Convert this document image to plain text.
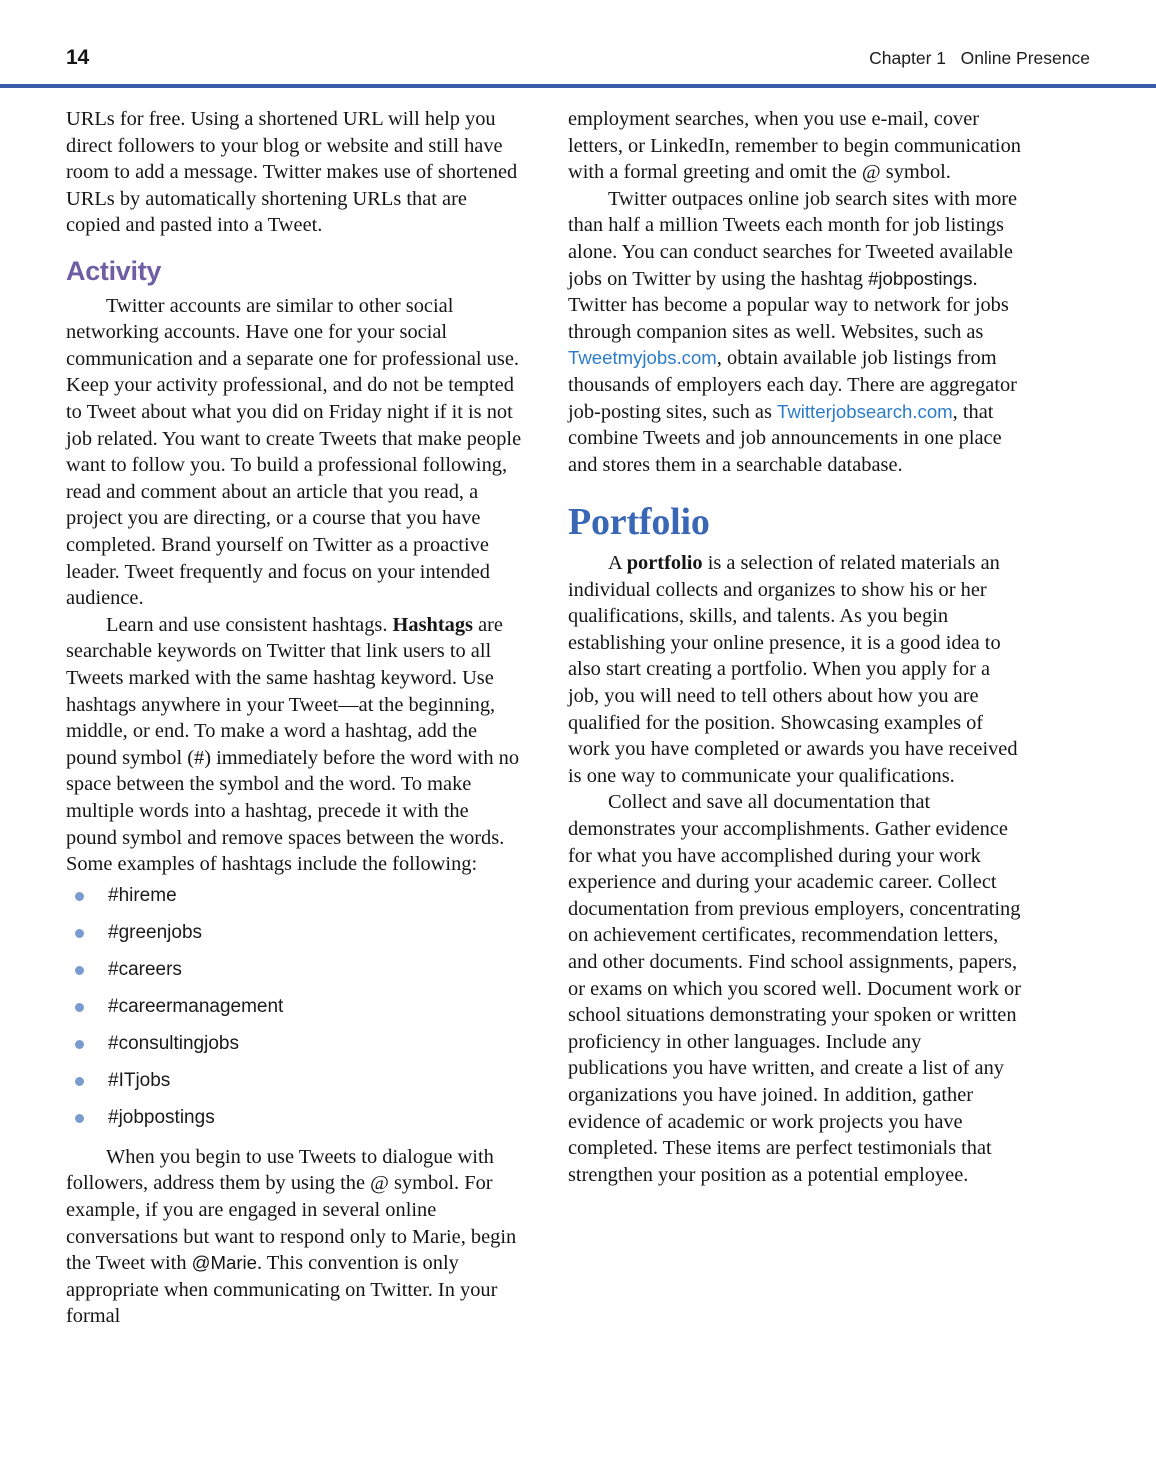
14	Chapter 1   Online Presence

URLs for free. Using a shortened URL will help you direct followers to your blog or website and still have room to add a message. Twitter makes use of shortened URLs by automatically shortening URLs that are copied and pasted into a Tweet.

Activity

Twitter accounts are similar to other social networking accounts. Have one for your social communication and a separate one for professional use. Keep your activity professional, and do not be tempted to Tweet about what you did on Friday night if it is not job related. You want to create Tweets that make people want to follow you. To build a professional following, read and comment about an article that you read, a project you are directing, or a course that you have completed. Brand yourself on Twitter as a proactive leader. Tweet frequently and focus on your intended audience.

Learn and use consistent hashtags. Hashtags are searchable keywords on Twitter that link users to all Tweets marked with the same hashtag keyword. Use hashtags anywhere in your Tweet—at the beginning, middle, or end. To make a word a hashtag, add the pound symbol (#) immediately before the word with no space between the symbol and the word. To make multiple words into a hashtag, precede it with the pound symbol and remove spaces between the words. Some examples of hashtags include the following:

#hireme
#greenjobs
#careers
#careermanagement
#consultingjobs
#ITjobs
#jobpostings

When you begin to use Tweets to dialogue with followers, address them by using the @ symbol. For example, if you are engaged in several online conversations but want to respond only to Marie, begin the Tweet with @Marie. This convention is only appropriate when communicating on Twitter. In your formal

employment searches, when you use e-mail, cover letters, or LinkedIn, remember to begin communication with a formal greeting and omit the @ symbol.

Twitter outpaces online job search sites with more than half a million Tweets each month for job listings alone. You can conduct searches for Tweeted available jobs on Twitter by using the hashtag #jobpostings. Twitter has become a popular way to network for jobs through companion sites as well. Websites, such as Tweetmyjobs.com, obtain available job listings from thousands of employers each day. There are aggregator job-posting sites, such as Twitterjobsearch.com, that combine Tweets and job announcements in one place and stores them in a searchable database.

Portfolio

A portfolio is a selection of related materials an individual collects and organizes to show his or her qualifications, skills, and talents. As you begin establishing your online presence, it is a good idea to also start creating a portfolio. When you apply for a job, you will need to tell others about how you are qualified for the position. Showcasing examples of work you have completed or awards you have received is one way to communicate your qualifications.

Collect and save all documentation that demonstrates your accomplishments. Gather evidence for what you have accomplished during your work experience and during your academic career. Collect documentation from previous employers, concentrating on achievement certificates, recommendation letters, and other documents. Find school assignments, papers, or exams on which you scored well. Document work or school situations demonstrating your spoken or written proficiency in other languages. Include any publications you have written, and create a list of any organizations you have joined. In addition, gather evidence of academic or work projects you have completed. These items are perfect testimonials that strengthen your position as a potential employee.
